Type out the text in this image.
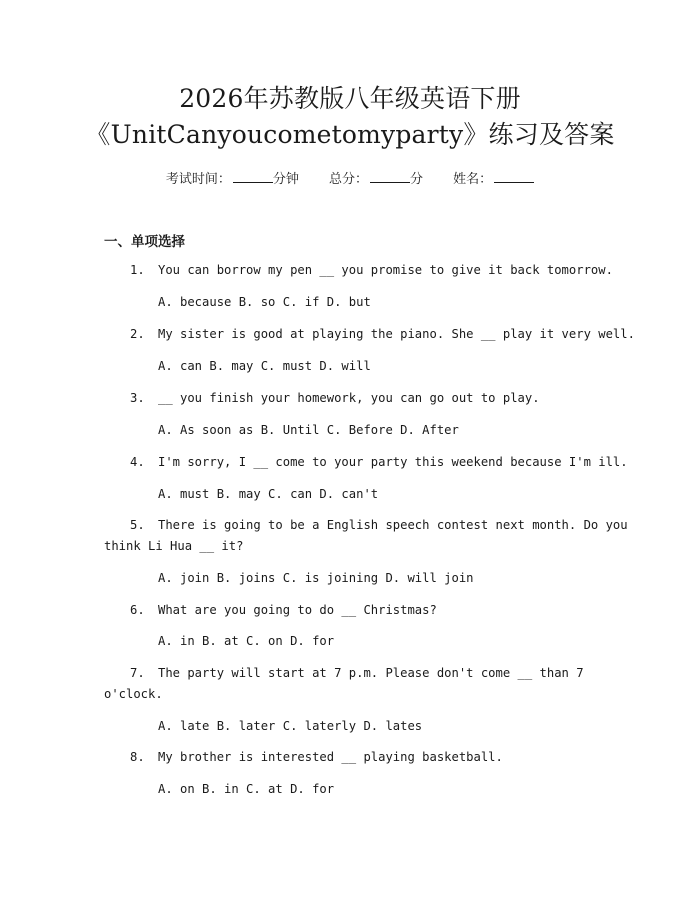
2026年苏教版八年级英语下册
《UnitCanyoucometomyparty》练习及答案
考试时间：	分钟 总分：	分 姓名：
一、单项选择
1. You can borrow my pen __ you promise to give it back tomorrow.
A. because B. so C. if D. but
2. My sister is good at playing the piano. She __ play it very well.
A. can B. may C. must D. will
3. __ you finish your homework, you can go out to play.
A. As soon as B. Until C. Before D. After
4. I'm sorry, I __ come to your party this weekend because I'm ill.
A. must B. may C. can D. can't
5. There is going to be a English speech contest next month. Do you
think Li Hua __ it?
A. join B. joins C. is joining D. will join
6. What are you going to do __ Christmas?
A. in B. at C. on D. for
7. The party will start at 7 p.m. Please don't come __ than 7
o'clock.
A. late B. later C. laterly D. lates
8. My brother is interested __ playing basketball.
A. on B. in C. at D. for
